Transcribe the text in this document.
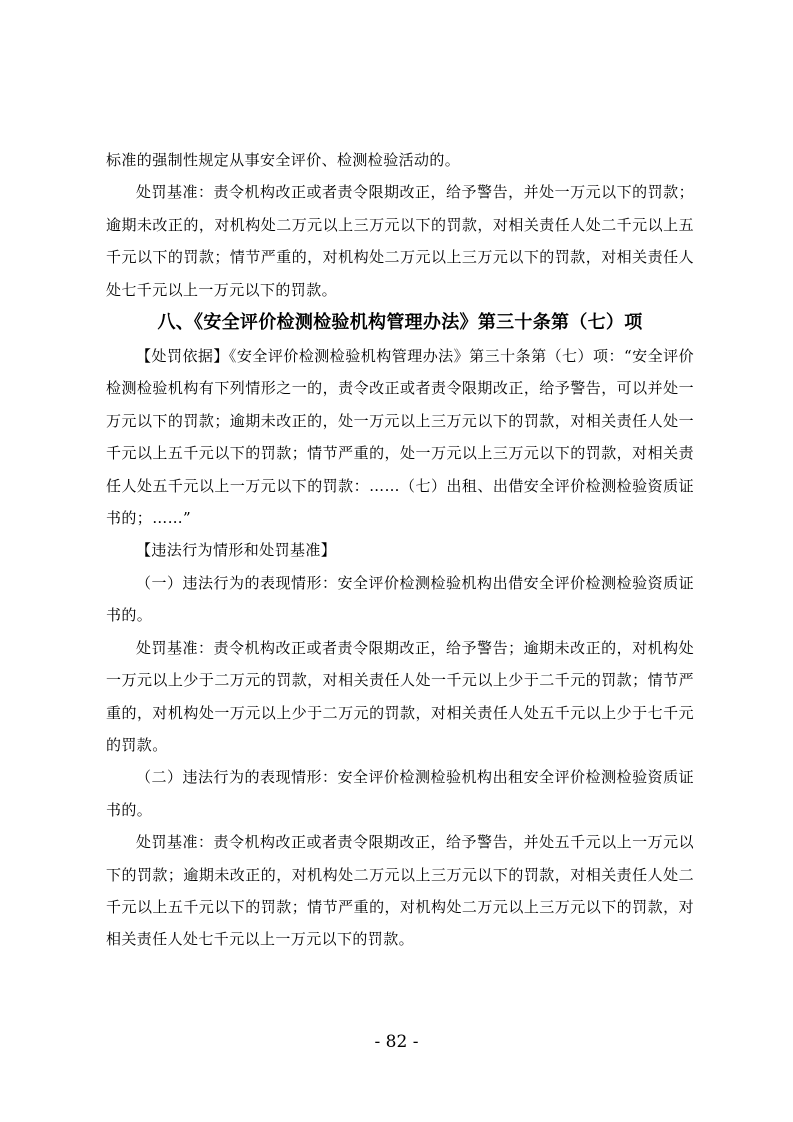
标准的强制性规定从事安全评价、检测检验活动的。

处罚基准：责令机构改正或者责令限期改正，给予警告，并处一万元以下的罚款；逾期未改正的，对机构处二万元以上三万元以下的罚款，对相关责任人处二千元以上五千元以下的罚款；情节严重的，对机构处二万元以上三万元以下的罚款，对相关责任人处七千元以上一万元以下的罚款。

八、《安全评价检测检验机构管理办法》第三十条第（七）项

【处罚依据】《安全评价检测检验机构管理办法》第三十条第（七）项：“安全评价检测检验机构有下列情形之一的，责令改正或者责令限期改正，给予警告，可以并处一万元以下的罚款；逾期未改正的，处一万元以上三万元以下的罚款，对相关责任人处一千元以上五千元以下的罚款；情节严重的，处一万元以上三万元以下的罚款，对相关责任人处五千元以上一万元以下的罚款：……（七）出租、出借安全评价检测检验资质证书的；……”

【违法行为情形和处罚基准】

（一）违法行为的表现情形：安全评价检测检验机构出借安全评价检测检验资质证书的。

处罚基准：责令机构改正或者责令限期改正，给予警告；逾期未改正的，对机构处一万元以上少于二万元的罚款，对相关责任人处一千元以上少于二千元的罚款；情节严重的，对机构处一万元以上少于二万元的罚款，对相关责任人处五千元以上少于七千元的罚款。

（二）违法行为的表现情形：安全评价检测检验机构出租安全评价检测检验资质证书的。

处罚基准：责令机构改正或者责令限期改正，给予警告，并处五千元以上一万元以下的罚款；逾期未改正的，对机构处二万元以上三万元以下的罚款，对相关责任人处二千元以上五千元以下的罚款；情节严重的，对机构处二万元以上三万元以下的罚款，对相关责任人处七千元以上一万元以下的罚款。

- 82 -
